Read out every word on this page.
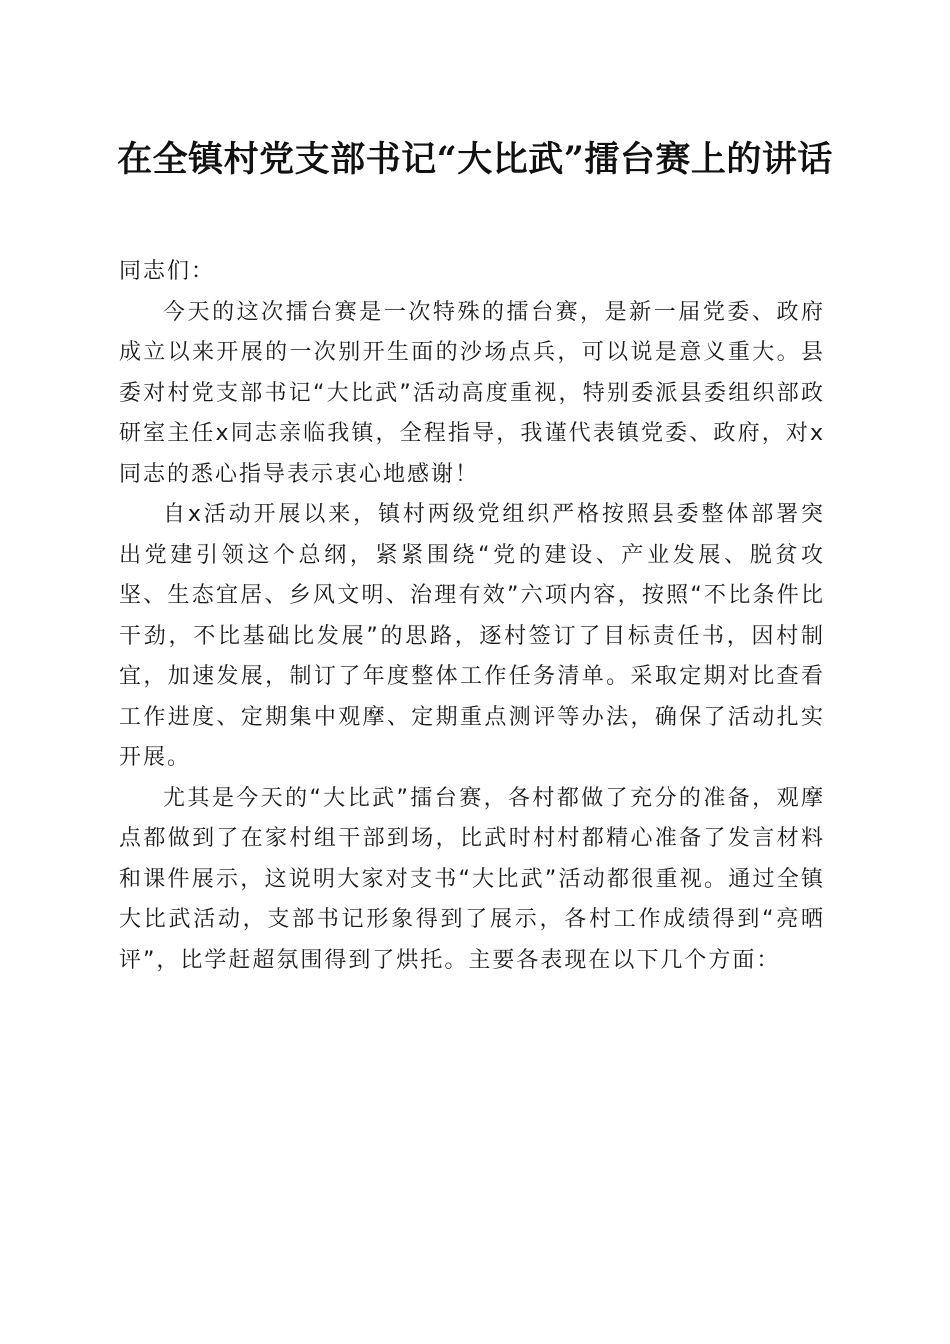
在全镇村党支部书记“大比武”擂台赛上的讲话

同志们：

今天的这次擂台赛是一次特殊的擂台赛，是新一届党委、政府成立以来开展的一次别开生面的沙场点兵，可以说是意义重大。县委对村党支部书记“大比武”活动高度重视，特别委派县委组织部政研室主任x同志亲临我镇，全程指导，我谨代表镇党委、政府，对x同志的悉心指导表示衷心地感谢！

自x活动开展以来，镇村两级党组织严格按照县委整体部署突出党建引领这个总纲，紧紧围绕“党的建设、产业发展、脱贫攻坚、生态宜居、乡风文明、治理有效”六项内容，按照“不比条件比干劲，不比基础比发展”的思路，逐村签订了目标责任书，因村制宜，加速发展，制订了年度整体工作任务清单。采取定期对比查看工作进度、定期集中观摩、定期重点测评等办法，确保了活动扎实开展。

尤其是今天的“大比武”擂台赛，各村都做了充分的准备，观摩点都做到了在家村组干部到场，比武时村村都精心准备了发言材料和课件展示，这说明大家对支书“大比武”活动都很重视。通过全镇大比武活动，支部书记形象得到了展示，各村工作成绩得到“亮晒评”，比学赶超氛围得到了烘托。主要各表现在以下几个方面：
